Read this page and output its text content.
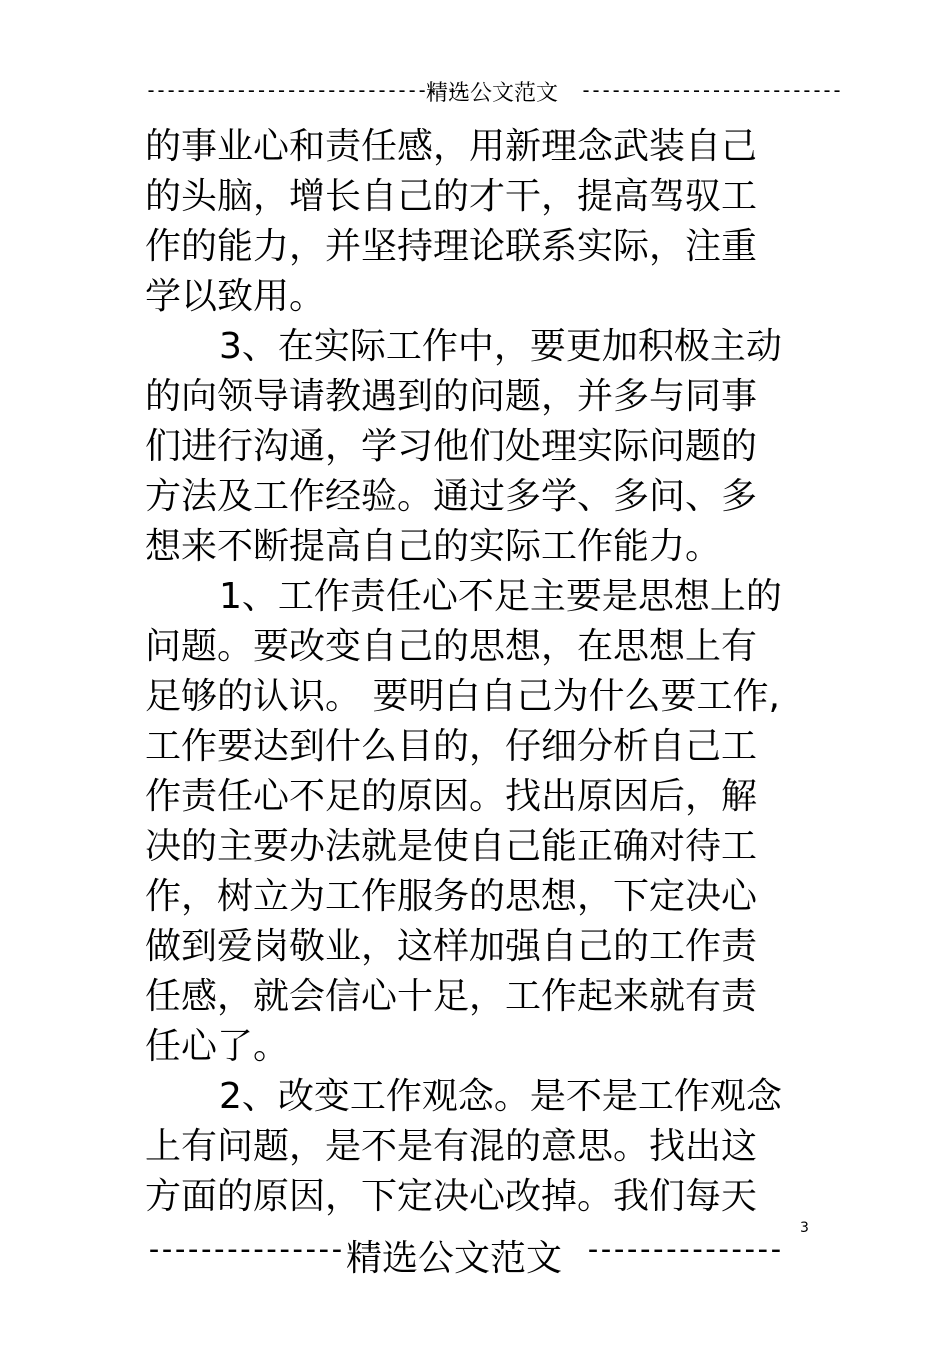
--------------------------------
精选公文范文 --------------------------
的事业心和责任感，用新理念武装自己
的头脑，增长自己的才干，提高驾驭工
作的能力，并坚持理论联系实际，注重
学以致用。
3、在实际工作中，要更加积极主动
的向领导请教遇到的问题，并多与同事
们进行沟通，学习他们处理实际问题的
方法及工作经验。通过多学、多问、多
想来不断提高自己的实际工作能力。
1、工作责任心不足主要是思想上的
问题。要改变自己的思想，在思想上有
足够的认识。 要明白自己为什么要工作,
工作要达到什么目的，仔细分析自己工
作责任心不足的原因。找出原因后，解
决的主要办法就是使自己能正确对待工
作，树立为工作服务的思想，下定决心
做到爱岗敬业，这样加强自己的工作责
任感，就会信心十足，工作起来就有责
任心了。
2、改变工作观念。是不是工作观念
上有问题，是不是有混的意思。找出这
方面的原因，下定决心改掉。我们每天
3
--------------- 精选公文范文 ---------------
